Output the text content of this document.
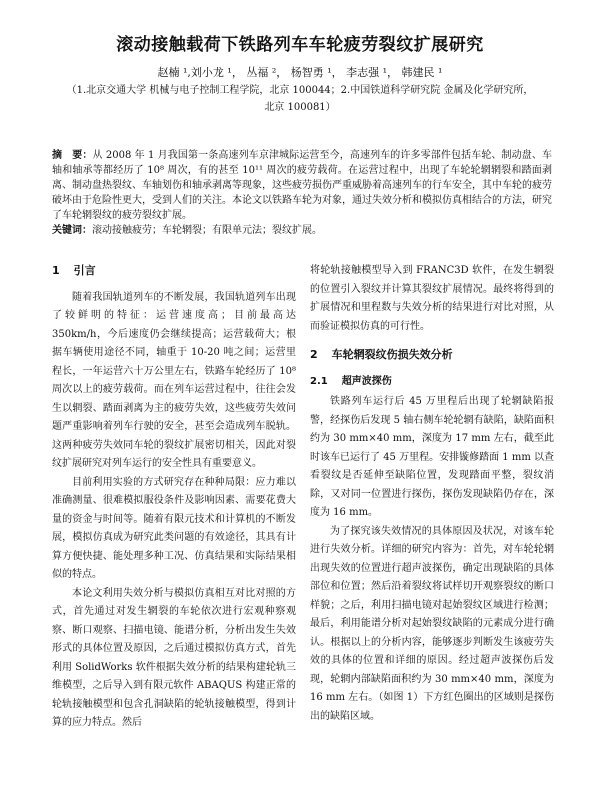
滚动接触载荷下铁路列车车轮疲劳裂纹扩展研究
赵楠 ¹,刘小龙 ¹， 丛福 ²， 杨智勇 ¹， 李志强 ¹， 韩建民 ¹
（1.北京交通大学 机械与电子控制工程学院，北京 100044；2.中国铁道科学研究院 金属及化学研究所，
北京 100081）

摘　要：从 2008 年 1 月我国第一条高速列车京津城际运营至今，高速列车的许多零部件包括车轮、制动盘、车轴和轴承等都经历了 10⁸ 周次，有的甚至 10¹¹ 周次的疲劳载荷。在运营过程中，出现了车轮轮辋辋裂和踏面剥离、制动盘热裂纹、车轴划伤和轴承剥离等现象，这些疲劳损伤严重威胁着高速列车的行车安全，其中车轮的疲劳破坏由于危险性更大，受到人们的关注。本论文以铁路车轮为对象，通过失效分析和模拟仿真相结合的方法，研究了车轮辋裂纹的疲劳裂纹扩展。

关键词：滚动接触疲劳；车轮辋裂；有限单元法；裂纹扩展。

1 引言

随着我国轨道列车的不断发展，我国轨道列车出现了较鲜明的特征：运营速度高；目前最高达 350km/h，今后速度仍会继续提高；运营载荷大；根据车辆使用途径不同，轴重于 10-20 吨之间；运营里程长，一年运营六十万公里左右，铁路车轮经历了 10⁸ 周次以上的疲劳载荷。而在列车运营过程中，往往会发生以辋裂、踏面剥离为主的疲劳失效，这些疲劳失效问题严重影响着列车行驶的安全，甚至会造成列车脱轨。这两种疲劳失效同车轮的裂纹扩展密切相关，因此对裂纹扩展研究对列车运行的安全性具有重要意义。

目前利用实验的方式研究存在种种局限：应力难以准确测量、很难模拟服役条件及影响因素、需要花费大量的资金与时间等。随着有限元技术和计算机的不断发展，模拟仿真成为研究此类问题的有效途径，其具有计算方便快捷、能处理多种工况、仿真结果和实际结果相似的特点。

本论文利用失效分析与模拟仿真相互对比对照的方式，首先通过对发生辋裂的车轮依次进行宏观种察观察、断口观察、扫描电镜、能谱分析，分析出发生失效形式的具体位置及原因，之后通过模拟仿真方式，首先利用 SolidWorks 软件根据失效分析的结果构建轮轨三维模型，之后导入到有限元软件 ABAQUS 构建正常的轮轨接触模型和包含孔洞缺陷的轮轨接触模型，得到计算的应力特点。然后

将轮轨接触模型导入到 FRANC3D 软件，在发生辋裂的位置引入裂纹并计算其裂纹扩展情况。最终将得到的扩展情况和里程数与失效分析的结果进行对比对照，从而验证模拟仿真的可行性。

2 车轮辋裂纹伤损失效分析
2.1 超声波探伤

铁路列车运行后 45 万里程后出现了轮辋缺陷报警，经探伤后发现 5 轴右侧车轮轮辋有缺陷，缺陷面积约为 30 mm×40 mm，深度为 17 mm 左右，截至此时该车已运行了 45 万里程。安排镟修踏面 1 mm 以查看裂纹是否延伸至缺陷位置，发现踏面平整，裂纹消除，又对同一位置进行探伤，探伤发现缺陷仍存在，深度为 16 mm。

为了探究该失效情况的具体原因及状况，对该车轮进行失效分析。详细的研究内容为：首先，对车轮轮辋出现失效的位置进行超声波探伤，确定出现缺陷的具体部位和位置；然后沿着裂纹将试样切开观察裂纹的断口样貌；之后，利用扫描电镜对起始裂纹区域进行检测；最后，利用能谱分析对起始裂纹缺陷的元素成分进行确认。根据以上的分析内容，能够逐步判断发生该疲劳失效的具体的位置和详细的原因。经过超声波探伤后发现，轮辋内部缺陷面积约为 30 mm×40 mm，深度为 16 mm 左右。（如图 1）下方红色圈出的区域则是探伤出的缺陷区域。
